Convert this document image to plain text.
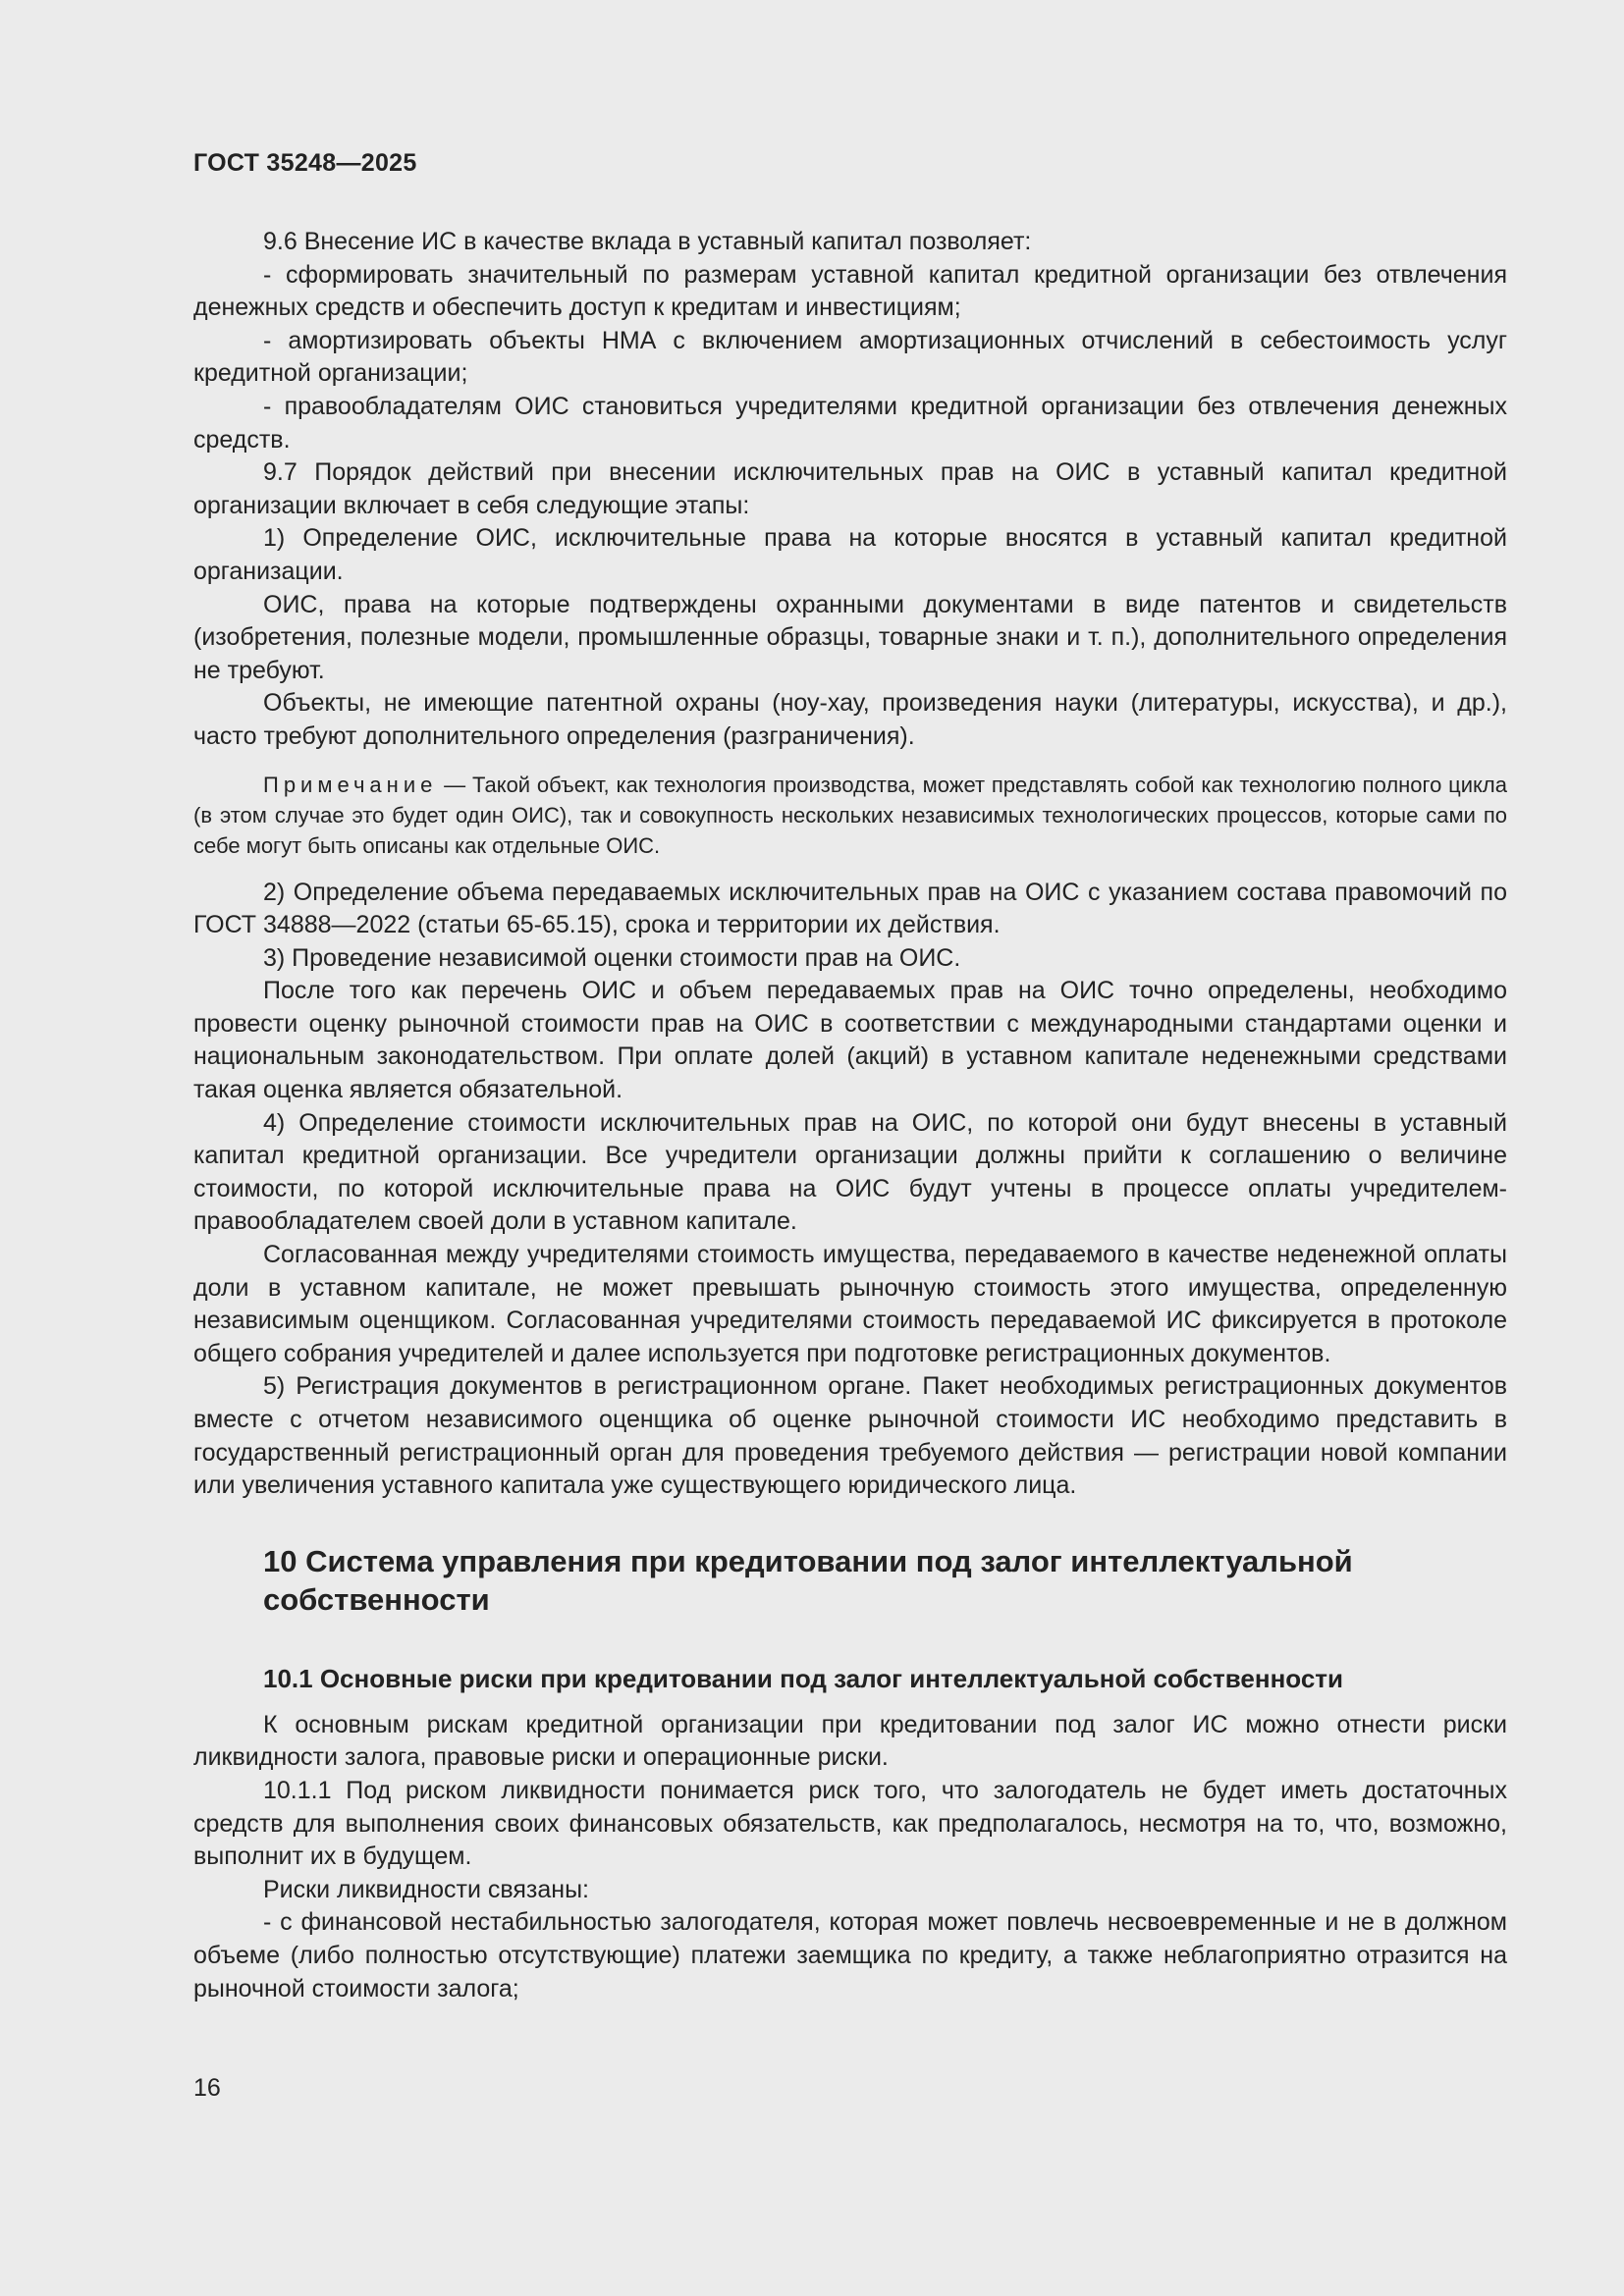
ГОСТ 35248—2025

9.6 Внесение ИС в качестве вклада в уставный капитал позволяет:

- сформировать значительный по размерам уставной капитал кредитной организации без отвлечения денежных средств и обеспечить доступ к кредитам и инвестициям;

- амортизировать объекты НМА с включением амортизационных отчислений в себестоимость услуг кредитной организации;

- правообладателям ОИС становиться учредителями кредитной организации без отвлечения денежных средств.

9.7 Порядок действий при внесении исключительных прав на ОИС в уставный капитал кредитной организации включает в себя следующие этапы:

1) Определение ОИС, исключительные права на которые вносятся в уставный капитал кредитной организации.

ОИС, права на которые подтверждены охранными документами в виде патентов и свидетельств (изобретения, полезные модели, промышленные образцы, товарные знаки и т. п.), дополнительного определения не требуют.

Объекты, не имеющие патентной охраны (ноу-хау, произведения науки (литературы, искусства), и др.), часто требуют дополнительного определения (разграничения).

Примечание — Такой объект, как технология производства, может представлять собой как технологию полного цикла (в этом случае это будет один ОИС), так и совокупность нескольких независимых технологических процессов, которые сами по себе могут быть описаны как отдельные ОИС.

2) Определение объема передаваемых исключительных прав на ОИС с указанием состава правомочий по ГОСТ 34888—2022 (статьи 65-65.15), срока и территории их действия.

3) Проведение независимой оценки стоимости прав на ОИС.

После того как перечень ОИС и объем передаваемых прав на ОИС точно определены, необходимо провести оценку рыночной стоимости прав на ОИС в соответствии с международными стандартами оценки и национальным законодательством. При оплате долей (акций) в уставном капитале неденежными средствами такая оценка является обязательной.

4) Определение стоимости исключительных прав на ОИС, по которой они будут внесены в уставный капитал кредитной организации. Все учредители организации должны прийти к соглашению о величине стоимости, по которой исключительные права на ОИС будут учтены в процессе оплаты учредителем-правообладателем своей доли в уставном капитале.

Согласованная между учредителями стоимость имущества, передаваемого в качестве неденежной оплаты доли в уставном капитале, не может превышать рыночную стоимость этого имущества, определенную независимым оценщиком. Согласованная учредителями стоимость передаваемой ИС фиксируется в протоколе общего собрания учредителей и далее используется при подготовке регистрационных документов.

5) Регистрация документов в регистрационном органе. Пакет необходимых регистрационных документов вместе с отчетом независимого оценщика об оценке рыночной стоимости ИС необходимо представить в государственный регистрационный орган для проведения требуемого действия — регистрации новой компании или увеличения уставного капитала уже существующего юридического лица.

10 Система управления при кредитовании под залог интеллектуальной собственности
10.1 Основные риски при кредитовании под залог интеллектуальной собственности

К основным рискам кредитной организации при кредитовании под залог ИС можно отнести риски ликвидности залога, правовые риски и операционные риски.

10.1.1 Под риском ликвидности понимается риск того, что залогодатель не будет иметь достаточных средств для выполнения своих финансовых обязательств, как предполагалось, несмотря на то, что, возможно, выполнит их в будущем.

Риски ликвидности связаны:

- с финансовой нестабильностью залогодателя, которая может повлечь несвоевременные и не в должном объеме (либо полностью отсутствующие) платежи заемщика по кредиту, а также неблагоприятно отразится на рыночной стоимости залога;

16
